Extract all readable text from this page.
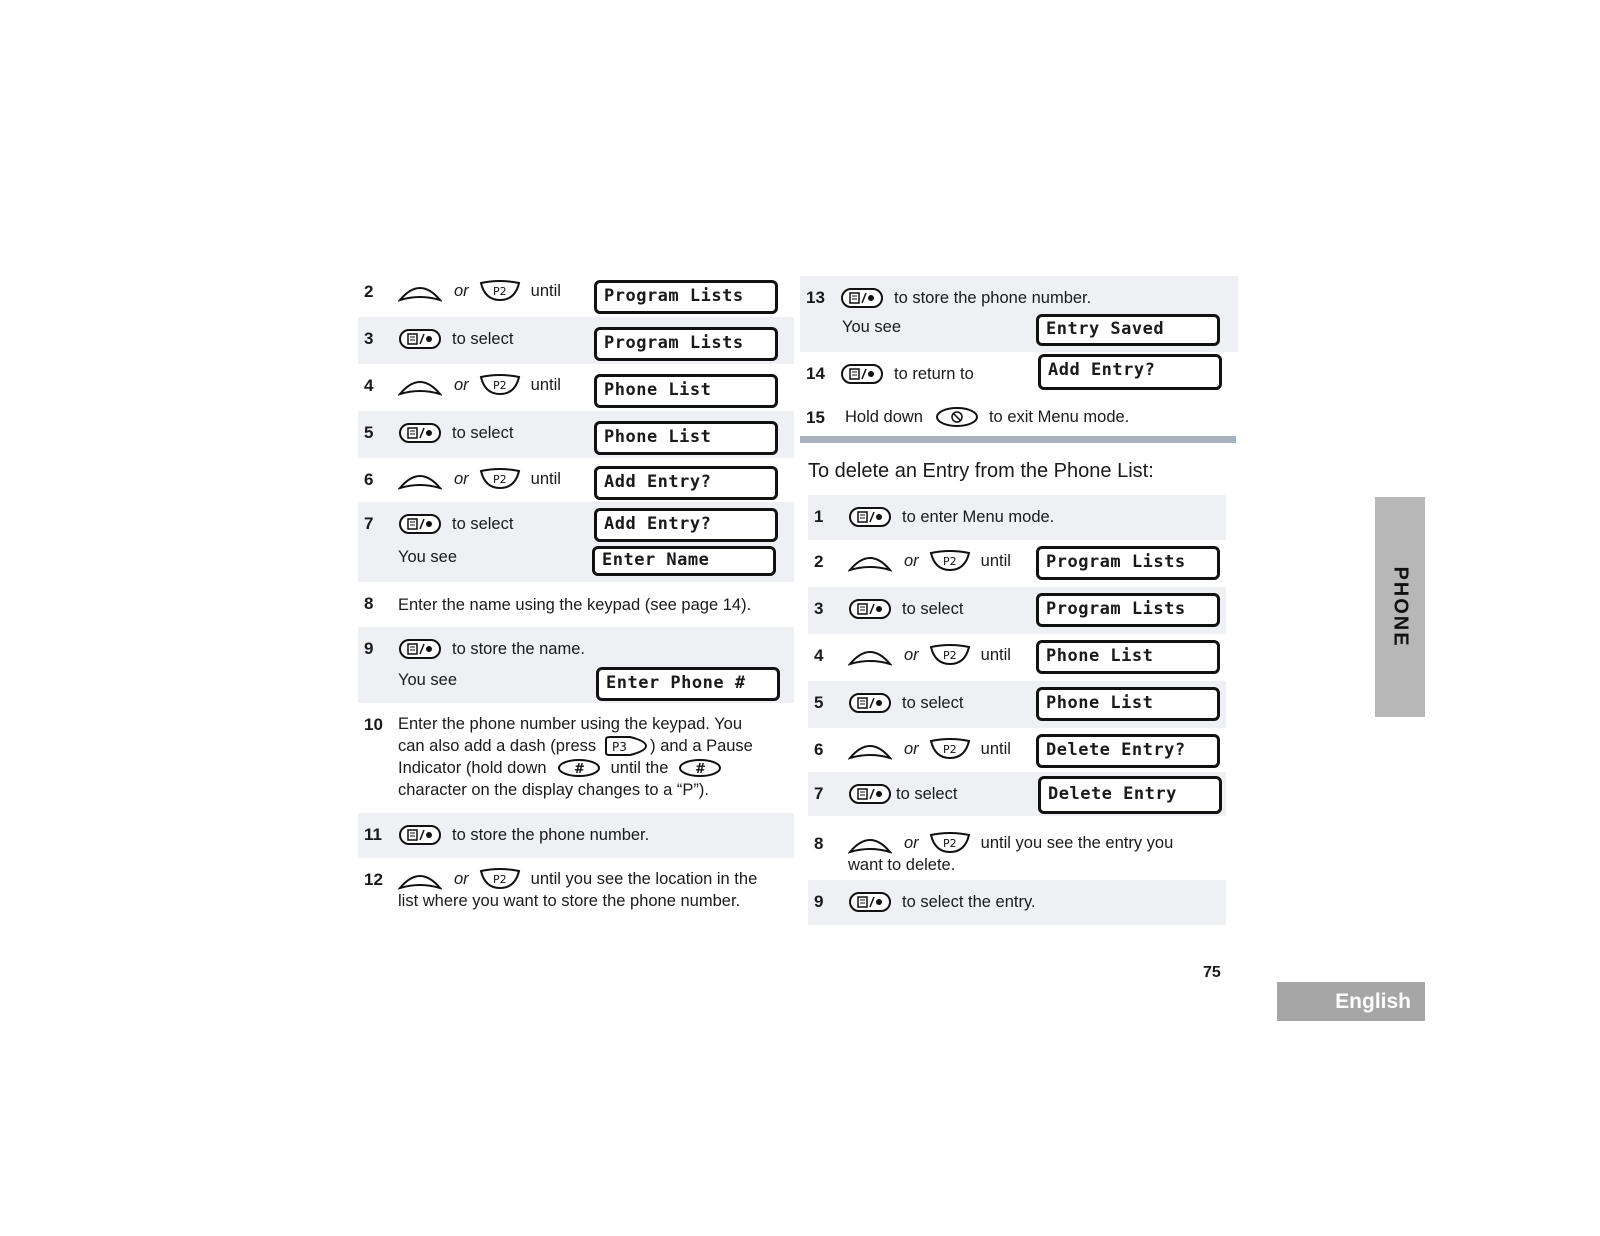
2	or P2 until	Program Lists
3	to select	Program Lists
4	or P2 until	Phone List
5	to select	Phone List
6	or P2 until	Add Entry?
7	to select	Add Entry?
You see	Enter Name
8 Enter the name using the keypad (see page 14).
9	to store the name.
You see	Enter Phone #
10 Enter the phone number using the keypad. You
can also add a dash (press P3 ) and a Pause
Indicator (hold down # until the #
character on the display changes to a “P”).
11	to store the phone number.
12	or P2 until you see the location in the
list where you want to store the phone number.
13	to store the phone number.
You see	Entry Saved
14	to return to	Add Entry?
15 Hold down	to exit Menu mode.
To delete an Entry from the Phone List:
1	to enter Menu mode.
2	or P2 until	Program Lists
3	to select	Program Lists
4	or P2 until	Phone List
5	to select	Phone List
6	or P2 until	Delete Entry?
7	to select	Delete Entry
8	or P2 until you see the entry you
want to delete.
9	to select the entry.
PHONE
75
English
